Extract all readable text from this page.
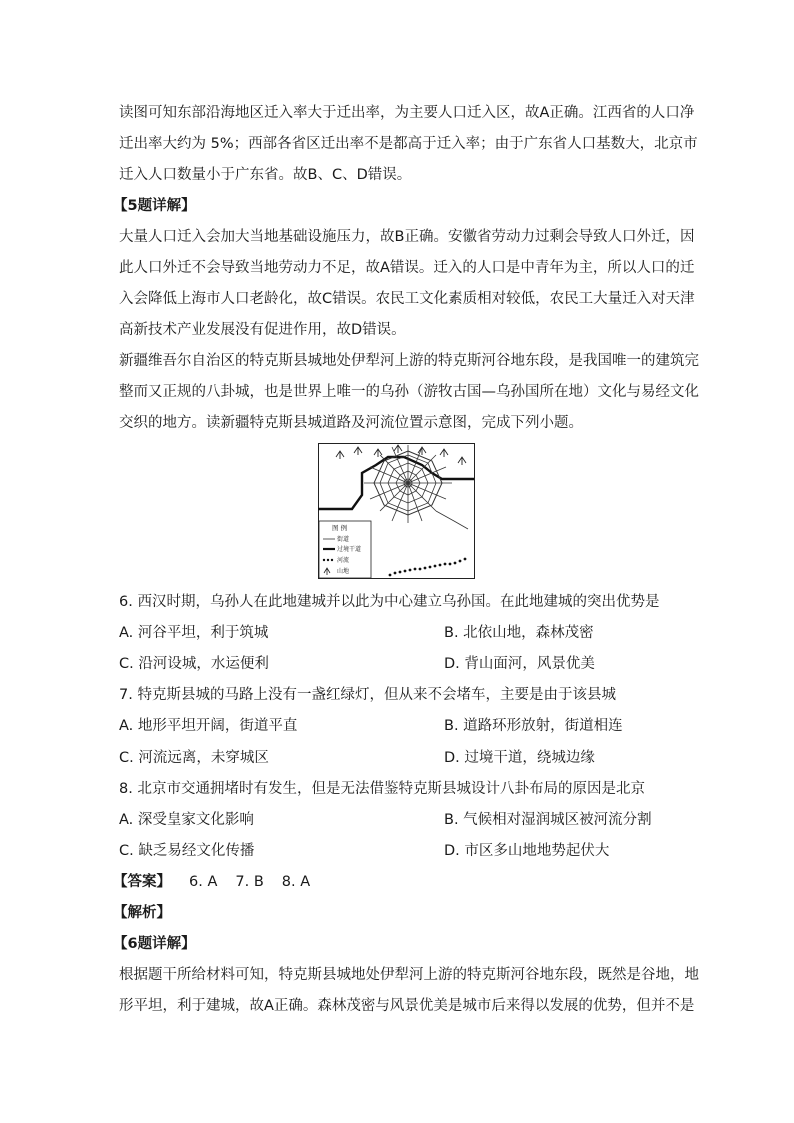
读图可知东部沿海地区迁入率大于迁出率，为主要人口迁入区，故A正确。江西省的人口净
迁出率大约为 5%；西部各省区迁出率不是都高于迁入率；由于广东省人口基数大，北京市
迁入人口数量小于广东省。故B、C、D错误。
【5题详解】
大量人口迁入会加大当地基础设施压力，故B正确。安徽省劳动力过剩会导致人口外迁，因
此人口外迁不会导致当地劳动力不足，故A错误。迁入的人口是中青年为主，所以人口的迁
入会降低上海市人口老龄化，故C错误。农民工文化素质相对较低，农民工大量迁入对天津
高新技术产业发展没有促进作用，故D错误。
新疆维吾尔自治区的特克斯县城地处伊犁河上游的特克斯河谷地东段，是我国唯一的建筑完
整而又正规的八卦城，也是世界上唯一的乌孙（游牧古国—乌孙国所在地）文化与易经文化
交织的地方。读新疆特克斯县城道路及河流位置示意图，完成下列小题。
图 例
街道
过境干道
河流
山地
6. 西汉时期，乌孙人在此地建城并以此为中心建立乌孙国。在此地建城的突出优势是
A. 河谷平坦，利于筑城	B. 北依山地，森林茂密
C. 沿河设城，水运便利	D. 背山面河，风景优美
7. 特克斯县城的马路上没有一盏红绿灯，但从来不会堵车，主要是由于该县城
A. 地形平坦开阔，街道平直	B. 道路环形放射，街道相连
C. 河流远离，未穿城区	D. 过境干道，绕城边缘
8. 北京市交通拥堵时有发生，但是无法借鉴特克斯县城设计八卦布局的原因是北京
A. 深受皇家文化影响	B. 气候相对湿润城区被河流分割
C. 缺乏易经文化传播	D. 市区多山地地势起伏大
【答案】 6. A 7. B 8. A
【解析】
【6题详解】
根据题干所给材料可知，特克斯县城地处伊犁河上游的特克斯河谷地东段，既然是谷地，地
形平坦，利于建城，故A正确。森林茂密与风景优美是城市后来得以发展的优势，但并不是
